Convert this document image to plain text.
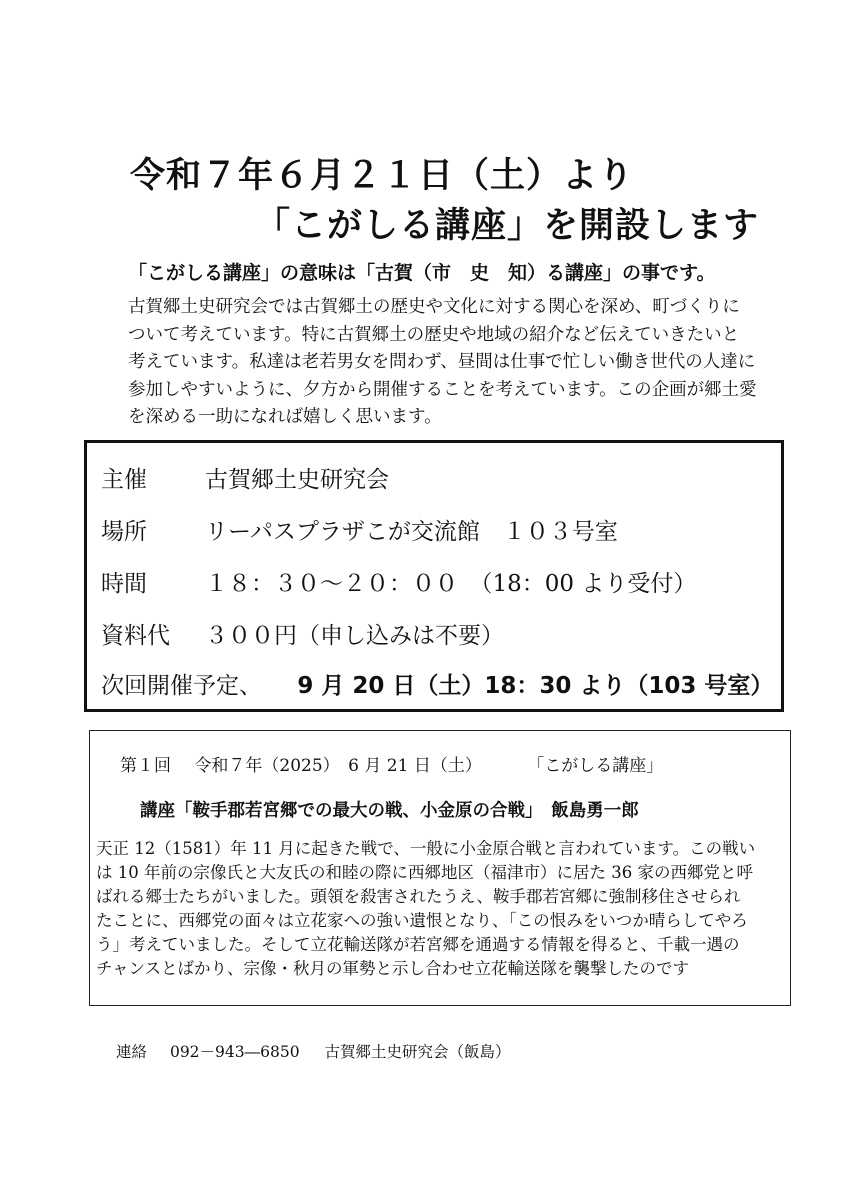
令和７年６月２１日（土）より
「こがしる講座」を開設します
「こがしる講座」の意味は「古賀（市　史　知）る講座」の事です。
古賀郷土史研究会では古賀郷土の歴史や文化に対する関心を深め、町づくりに
ついて考えています。特に古賀郷土の歴史や地域の紹介など伝えていきたいと
考えています。私達は老若男女を問わず、昼間は仕事で忙しい働き世代の人達に
参加しやすいように、夕方から開催することを考えています。この企画が郷土愛
を深める一助になれば嬉しく思います。
主催	古賀郷土史研究会
場所	リーパスプラザこが交流館　１０３号室
時間	１８：３０～２０：００　（18：00 より受付）
資料代 ３００円（申し込みは不要）
次回開催予定、 9 月 20 日（土）18：30 より（103 号室）
第１回 令和７年（2025）　6 月 21 日（土）	「こがしる講座」
講座「鞍手郡若宮郷での最大の戦、小金原の合戦」　飯島勇一郎
天正 12（1581）年 11 月に起きた戦で、一般に小金原合戦と言われています。この戦い
は 10 年前の宗像氏と大友氏の和睦の際に西郷地区（福津市）に居た 36 家の西郷党と呼
ばれる郷士たちがいました。頭領を殺害されたうえ、鞍手郡若宮郷に強制移住させられ
たことに、西郷党の面々は立花家への強い遺恨となり、「この恨みをいつか晴らしてやろ
う」考えていました。そして立花輸送隊が若宮郷を通過する情報を得ると、千載一遇の
チャンスとばかり、宗像・秋月の軍勢と示し合わせ立花輸送隊を襲撃したのです
連絡 092－943―6850 古賀郷土史研究会（飯島）
